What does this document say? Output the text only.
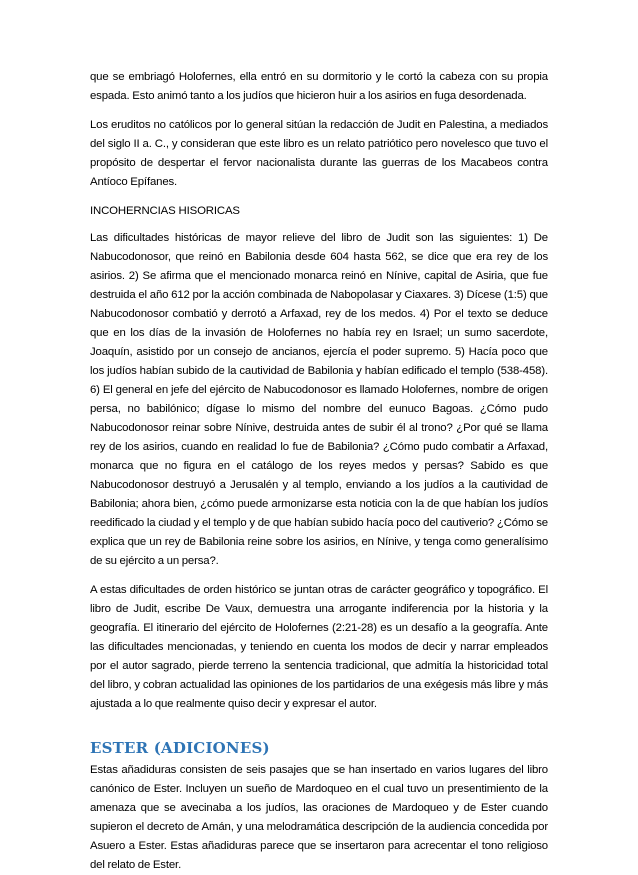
que se embriagó Holofernes, ella entró en su dormitorio y le cortó la cabeza con su propia espada. Esto animó tanto a los judíos que hicieron huir a los asirios en fuga desordenada.

Los eruditos no católicos por lo general sitúan la redacción de Judit en Palestina, a mediados del siglo II a. C., y consideran que este libro es un relato patriótico pero novelesco que tuvo el propósito de despertar el fervor nacionalista durante las guerras de los Macabeos contra Antíoco Epífanes.

INCOHERNCIAS HISORICAS

Las dificultades históricas de mayor relieve del libro de Judit son las siguientes: 1) De Nabucodonosor, que reinó en Babilonia desde 604 hasta 562, se dice que era rey de los asirios. 2) Se afirma que el mencionado monarca reinó en Nínive, capital de Asiria, que fue destruida el año 612 por la acción combinada de Nabopolasar y Ciaxares. 3) Dícese (1:5) que Nabucodonosor combatió y derrotó a Arfaxad, rey de los medos. 4) Por el texto se deduce que en los días de la invasión de Holofernes no había rey en Israel; un sumo sacerdote, Joaquín, asistido por un consejo de ancianos, ejercía el poder supremo. 5) Hacía poco que los judíos habían subido de la cautividad de Babilonia y habían edificado el templo (538-458). 6) El general en jefe del ejército de Nabucodonosor es llamado Holofernes, nombre de origen persa, no babilónico; dígase lo mismo del nombre del eunuco Bagoas. ¿Cómo pudo Nabucodonosor reinar sobre Nínive, destruida antes de subir él al trono? ¿Por qué se llama rey de los asirios, cuando en realidad lo fue de Babilonia? ¿Cómo pudo combatir a Arfaxad, monarca que no figura en el catálogo de los reyes medos y persas? Sabido es que Nabucodonosor destruyó a Jerusalén y al templo, enviando a los judíos a la cautividad de Babilonia; ahora bien, ¿cómo puede armonizarse esta noticia con la de que habían los judíos reedificado la ciudad y el templo y de que habían subido hacía poco del cautiverio? ¿Cómo se explica que un rey de Babilonia reine sobre los asirios, en Nínive, y tenga como generalísimo de su ejército a un persa?.

A estas dificultades de orden histórico se juntan otras de carácter geográfico y topográfico. El libro de Judit, escribe De Vaux, demuestra una arrogante indiferencia por la historia y la geografía. El itinerario del ejército de Holofernes (2:21-28) es un desafío a la geografía. Ante las dificultades mencionadas, y teniendo en cuenta los modos de decir y narrar empleados por el autor sagrado, pierde terreno la sentencia tradicional, que admitía la historicidad total del libro, y cobran actualidad las opiniones de los partidarios de una exégesis más libre y más ajustada a lo que realmente quiso decir y expresar el autor.

ESTER (ADICIONES)

Estas añadiduras consisten de seis pasajes que se han insertado en varios lugares del libro canónico de Ester. Incluyen un sueño de Mardoqueo en el cual tuvo un presentimiento de la amenaza que se avecinaba a los judíos, las oraciones de Mardoqueo y de Ester cuando supieron el decreto de Amán, y una melodramática descripción de la audiencia concedida por Asuero a Ester. Estas añadiduras parece que se insertaron para acrecentar el tono religioso del relato de Ester.
